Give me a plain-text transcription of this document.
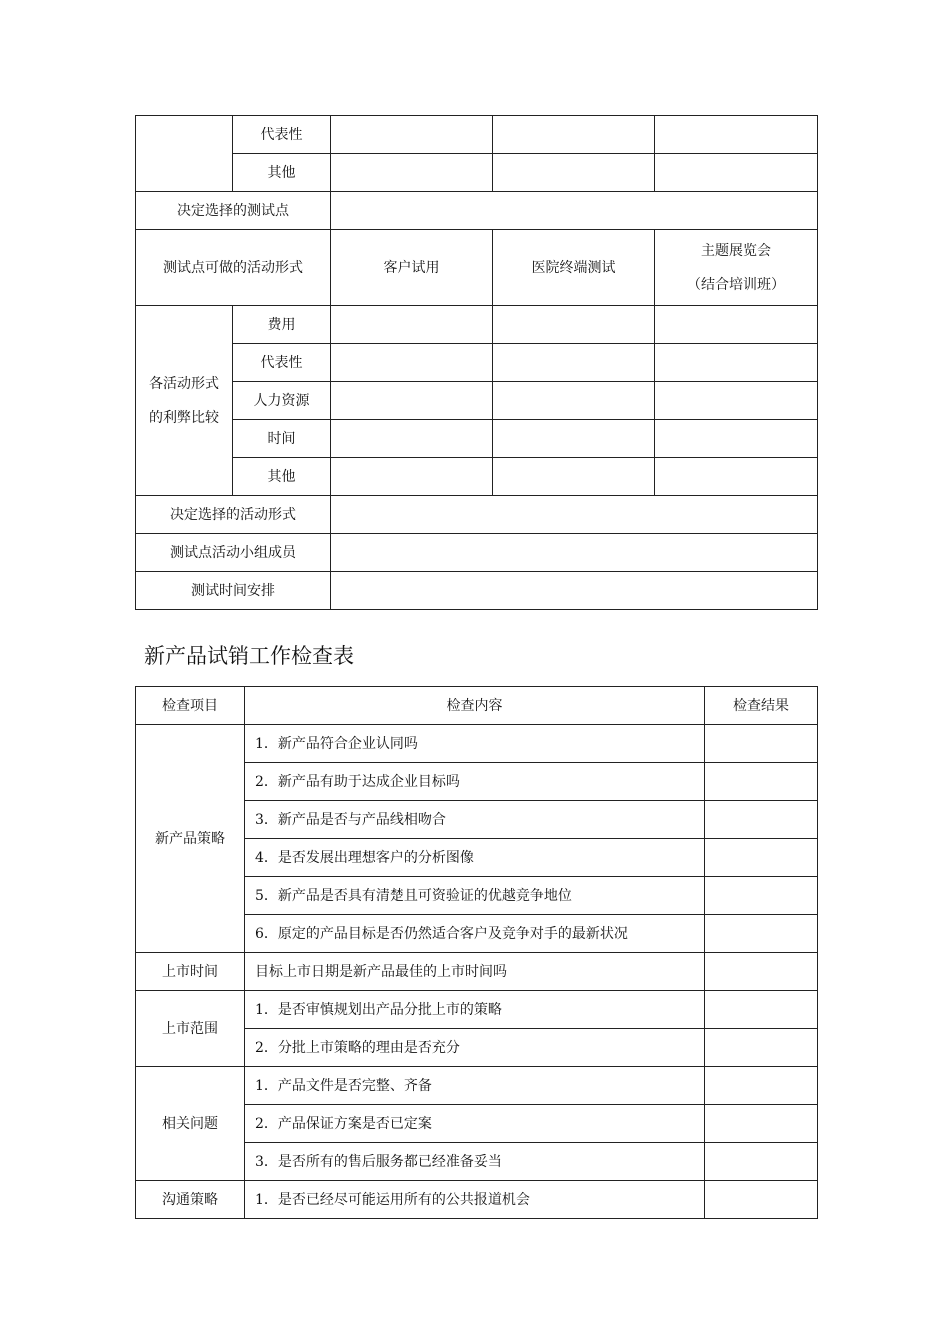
	代表性			
	其他			
决定选择的测试点				
测试点可做的活动形式		客户试用	医院终端测试	主题展览会
（结合培训班）

各活动形式
的利弊比较	费用			
	代表性			
	人力资源			
	时间			
	其他			
决定选择的活动形式				
测试点活动小组成员				
测试时间安排				
新产品试销工作检查表
检查项目	检查内容	检查结果
新产品策略	1．新产品符合企业认同吗	
	2．新产品有助于达成企业目标吗	
	3．新产品是否与产品线相吻合	
	4．是否发展出理想客户的分析图像	
	5．新产品是否具有清楚且可资验证的优越竞争地位	
	6．原定的产品目标是否仍然适合客户及竞争对手的最新状况	
上市时间	目标上市日期是新产品最佳的上市时间吗	
上市范围	1．是否审慎规划出产品分批上市的策略	
	2．分批上市策略的理由是否充分	
相关问题	1．产品文件是否完整、齐备	
	2．产品保证方案是否已定案	
	3．是否所有的售后服务都已经准备妥当	
沟通策略	1．是否已经尽可能运用所有的公共报道机会	
